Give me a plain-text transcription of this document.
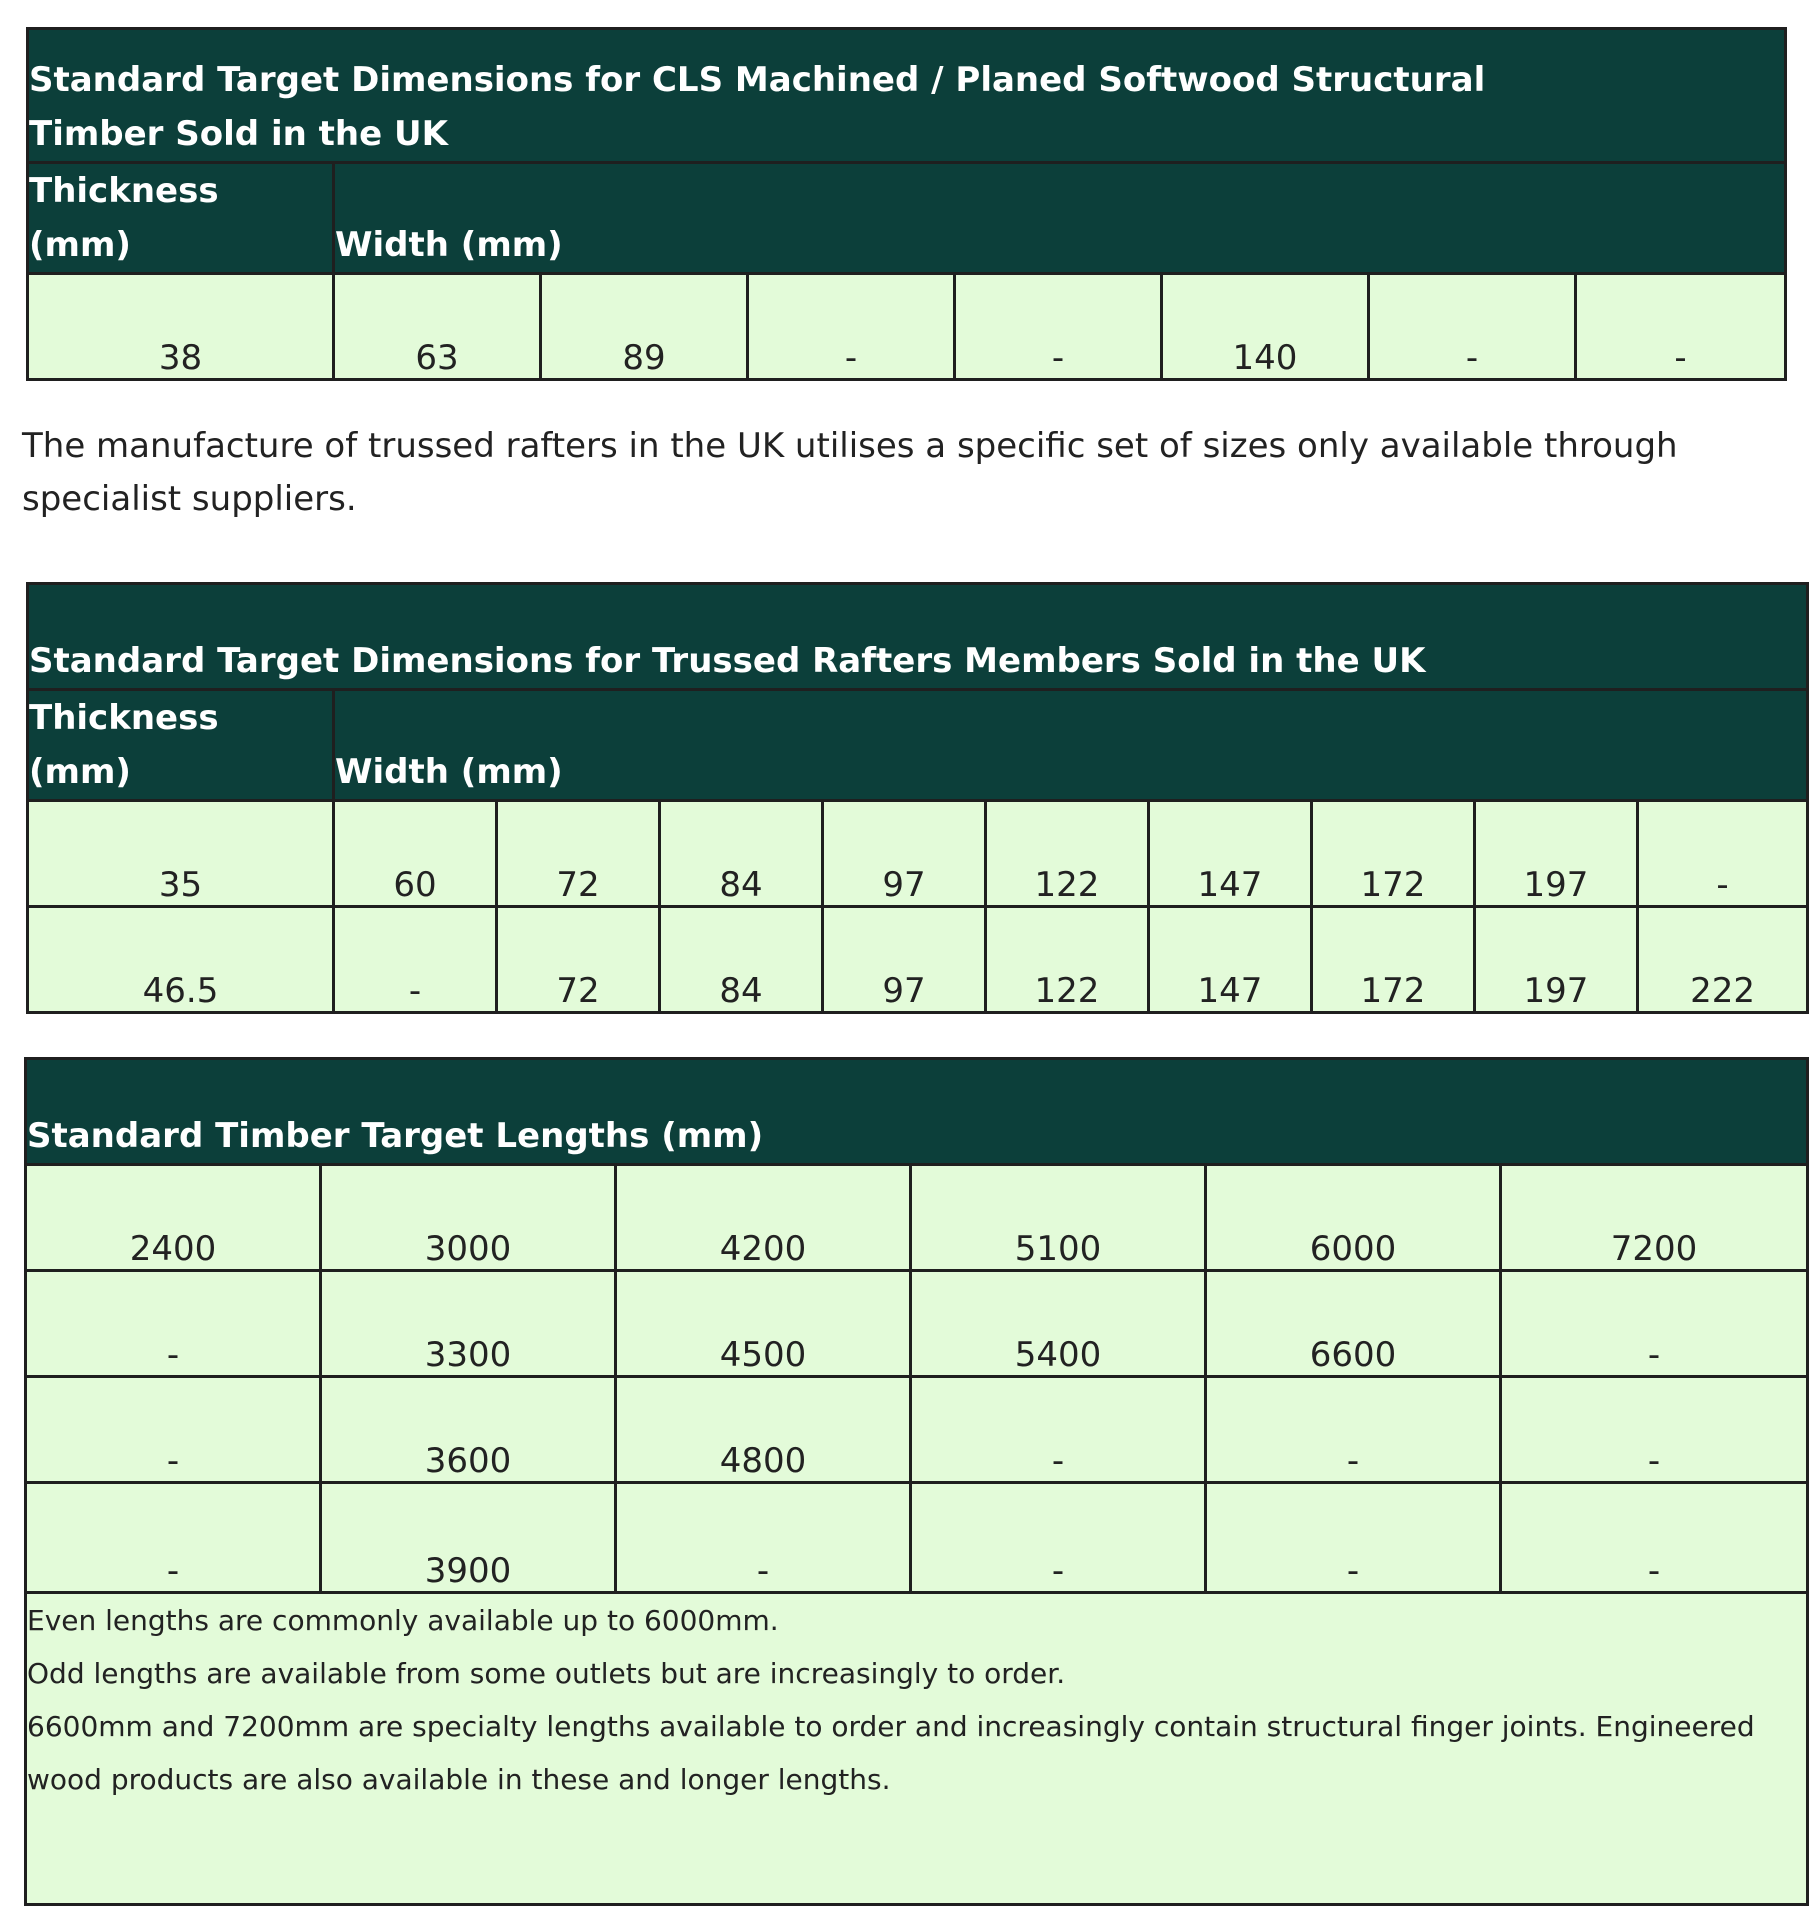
Standard Target Dimensions for CLS Machined / Planed Softwood Structural Timber Sold in the UK							
Thickness (mm)	Width (mm)						
38	63	89	-	-	140	-	-
The manufacture of trussed rafters in the UK utilises a specific set of sizes only available through specialist suppliers.
Standard Target Dimensions for Trussed Rafters Members Sold in the UK									
Thickness (mm)	Width (mm)								
35	60	72	84	97	122	147	172	197	-
46.5	-	72	84	97	122	147	172	197	222
Standard Timber Target Lengths (mm)					
2400	3000	4200	5100	6000	7200
-	3300	4500	5400	6600	-
-	3600	4800	-	-	-
-	3900	-	-	-	-

Even lengths are commonly available up to 6000mm.
Odd lengths are available from some outlets but are increasingly to order.
6600mm and 7200mm are specialty lengths available to order and increasingly contain structural finger joints. Engineered wood products are also available in these and longer lengths.					
